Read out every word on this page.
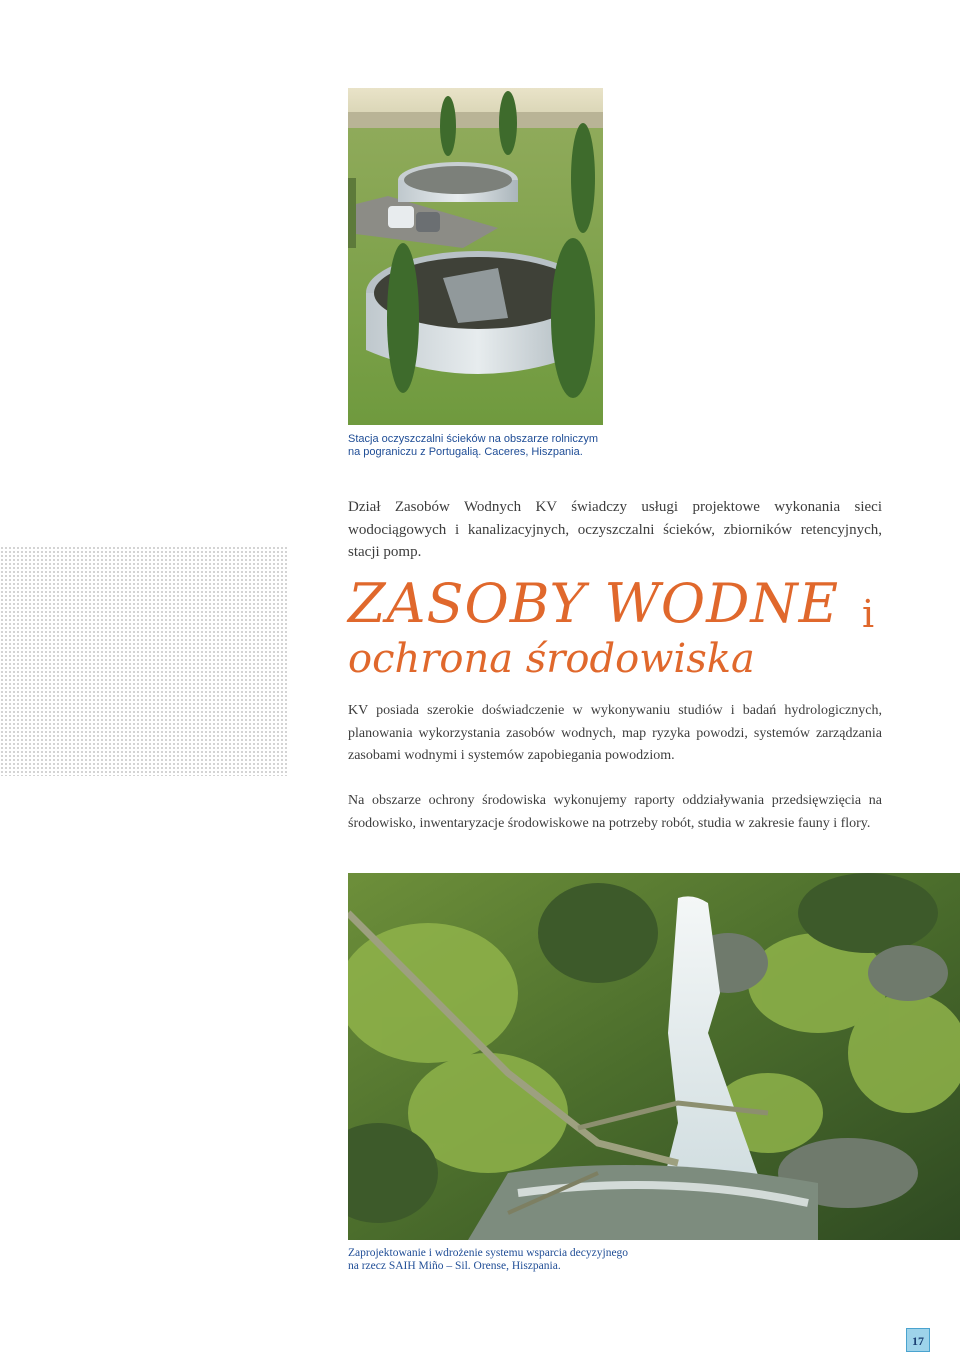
Stacja oczyszczalni ścieków na obszarze rolniczym
na pograniczu z Portugalią. Caceres, Hiszpania.
Dział Zasobów Wodnych KV świadczy usługi projektowe wykonania sieci wodociągowych i kanalizacyjnych, oczyszczalni ścieków, zbiorników retencyjnych, stacji pomp.
ZASOBY WODNE i
ochrona środowiska
KV posiada szerokie doświadczenie w wykonywaniu studiów i badań hydrologicznych, planowania wykorzystania zasobów wodnych, map ryzyka powodzi, systemów zarządzania zasobami wodnymi i systemów zapobiegania powodziom.
Na obszarze ochrony środowiska wykonujemy raporty oddziaływania przedsięwzięcia na środowisko, inwentaryzacje środowiskowe na potrzeby robót, studia w zakresie fauny i flory.
Zaprojektowanie i wdrożenie systemu wsparcia decyzyjnego
na rzecz SAIH Miño – Sil. Orense, Hiszpania.
17
